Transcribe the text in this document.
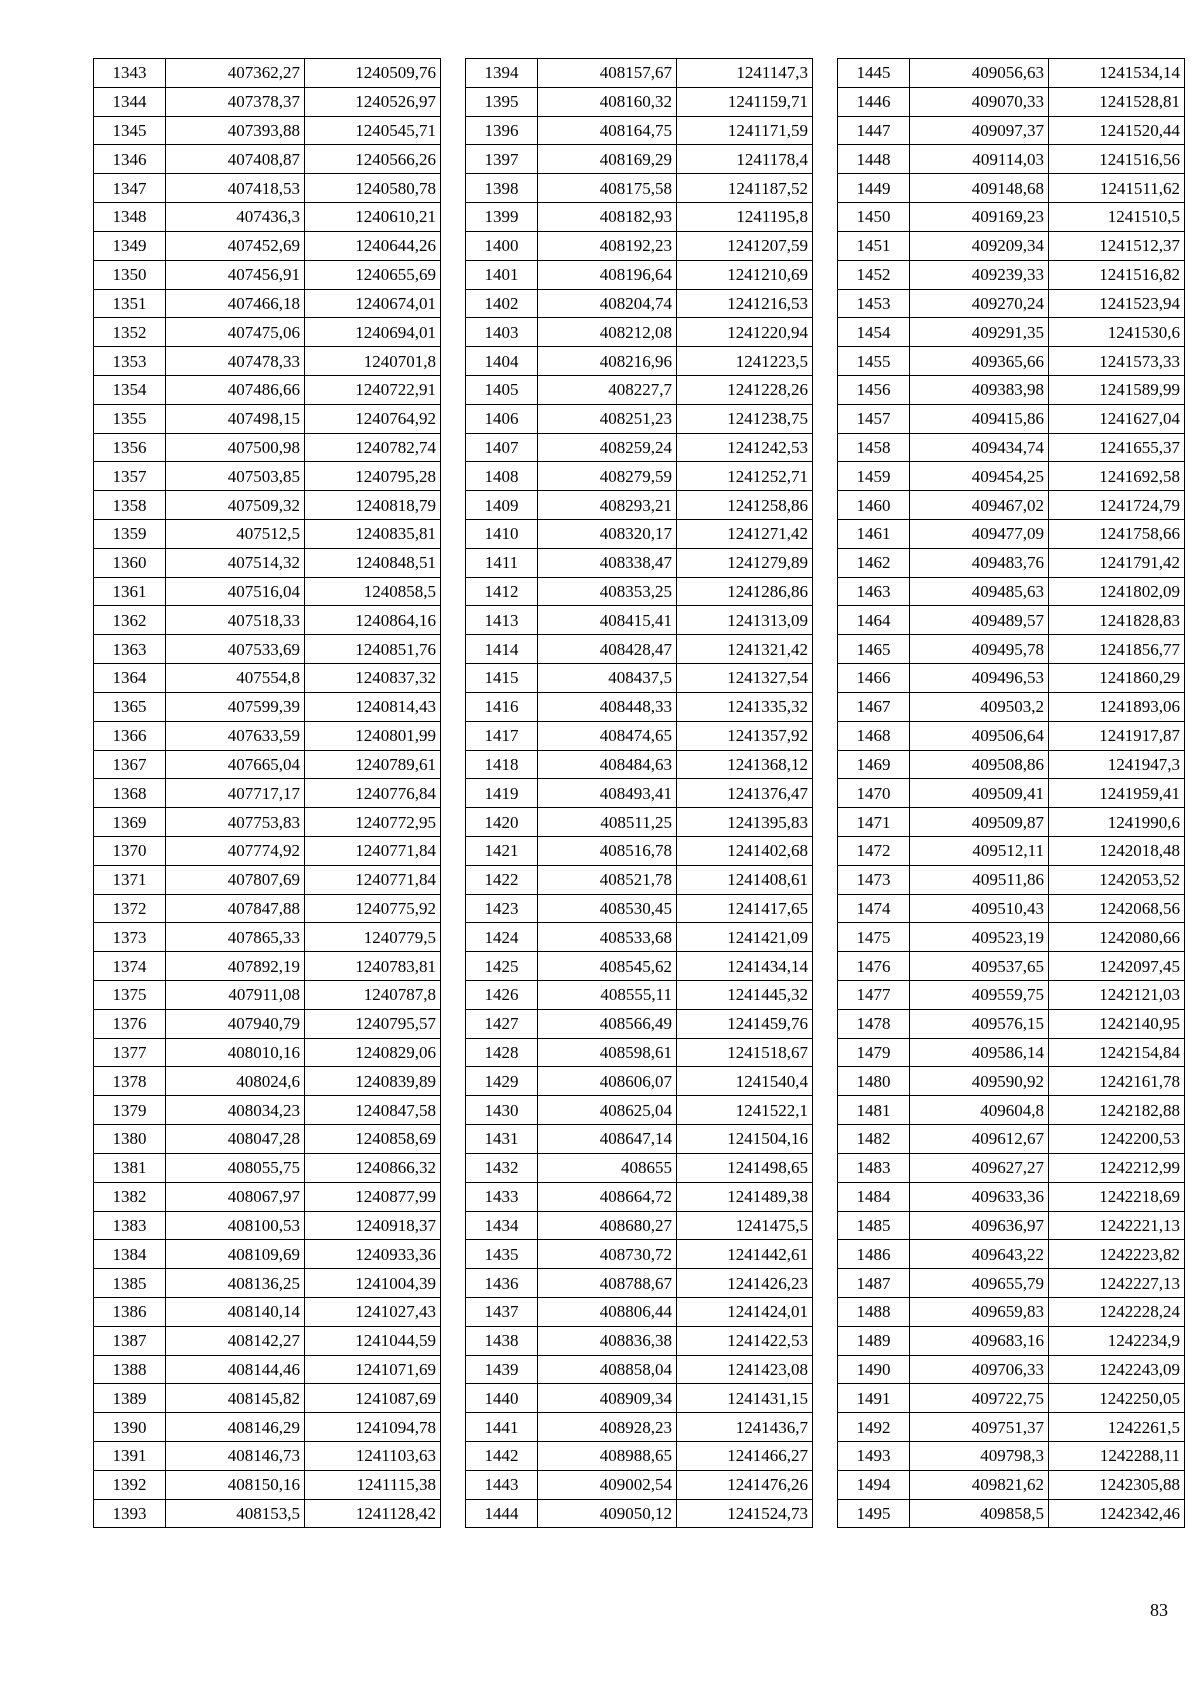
1343	407362,27	1240509,76
1344	407378,37	1240526,97
1345	407393,88	1240545,71
1346	407408,87	1240566,26
1347	407418,53	1240580,78
1348	407436,3	1240610,21
1349	407452,69	1240644,26
1350	407456,91	1240655,69
1351	407466,18	1240674,01
1352	407475,06	1240694,01
1353	407478,33	1240701,8
1354	407486,66	1240722,91
1355	407498,15	1240764,92
1356	407500,98	1240782,74
1357	407503,85	1240795,28
1358	407509,32	1240818,79
1359	407512,5	1240835,81
1360	407514,32	1240848,51
1361	407516,04	1240858,5
1362	407518,33	1240864,16
1363	407533,69	1240851,76
1364	407554,8	1240837,32
1365	407599,39	1240814,43
1366	407633,59	1240801,99
1367	407665,04	1240789,61
1368	407717,17	1240776,84
1369	407753,83	1240772,95
1370	407774,92	1240771,84
1371	407807,69	1240771,84
1372	407847,88	1240775,92
1373	407865,33	1240779,5
1374	407892,19	1240783,81
1375	407911,08	1240787,8
1376	407940,79	1240795,57
1377	408010,16	1240829,06
1378	408024,6	1240839,89
1379	408034,23	1240847,58
1380	408047,28	1240858,69
1381	408055,75	1240866,32
1382	408067,97	1240877,99
1383	408100,53	1240918,37
1384	408109,69	1240933,36
1385	408136,25	1241004,39
1386	408140,14	1241027,43
1387	408142,27	1241044,59
1388	408144,46	1241071,69
1389	408145,82	1241087,69
1390	408146,29	1241094,78
1391	408146,73	1241103,63
1392	408150,16	1241115,38
1393	408153,5	1241128,42
1394	408157,67	1241147,3
1395	408160,32	1241159,71
1396	408164,75	1241171,59
1397	408169,29	1241178,4
1398	408175,58	1241187,52
1399	408182,93	1241195,8
1400	408192,23	1241207,59
1401	408196,64	1241210,69
1402	408204,74	1241216,53
1403	408212,08	1241220,94
1404	408216,96	1241223,5
1405	408227,7	1241228,26
1406	408251,23	1241238,75
1407	408259,24	1241242,53
1408	408279,59	1241252,71
1409	408293,21	1241258,86
1410	408320,17	1241271,42
1411	408338,47	1241279,89
1412	408353,25	1241286,86
1413	408415,41	1241313,09
1414	408428,47	1241321,42
1415	408437,5	1241327,54
1416	408448,33	1241335,32
1417	408474,65	1241357,92
1418	408484,63	1241368,12
1419	408493,41	1241376,47
1420	408511,25	1241395,83
1421	408516,78	1241402,68
1422	408521,78	1241408,61
1423	408530,45	1241417,65
1424	408533,68	1241421,09
1425	408545,62	1241434,14
1426	408555,11	1241445,32
1427	408566,49	1241459,76
1428	408598,61	1241518,67
1429	408606,07	1241540,4
1430	408625,04	1241522,1
1431	408647,14	1241504,16
1432	408655	1241498,65
1433	408664,72	1241489,38
1434	408680,27	1241475,5
1435	408730,72	1241442,61
1436	408788,67	1241426,23
1437	408806,44	1241424,01
1438	408836,38	1241422,53
1439	408858,04	1241423,08
1440	408909,34	1241431,15
1441	408928,23	1241436,7
1442	408988,65	1241466,27
1443	409002,54	1241476,26
1444	409050,12	1241524,73
1445	409056,63	1241534,14
1446	409070,33	1241528,81
1447	409097,37	1241520,44
1448	409114,03	1241516,56
1449	409148,68	1241511,62
1450	409169,23	1241510,5
1451	409209,34	1241512,37
1452	409239,33	1241516,82
1453	409270,24	1241523,94
1454	409291,35	1241530,6
1455	409365,66	1241573,33
1456	409383,98	1241589,99
1457	409415,86	1241627,04
1458	409434,74	1241655,37
1459	409454,25	1241692,58
1460	409467,02	1241724,79
1461	409477,09	1241758,66
1462	409483,76	1241791,42
1463	409485,63	1241802,09
1464	409489,57	1241828,83
1465	409495,78	1241856,77
1466	409496,53	1241860,29
1467	409503,2	1241893,06
1468	409506,64	1241917,87
1469	409508,86	1241947,3
1470	409509,41	1241959,41
1471	409509,87	1241990,6
1472	409512,11	1242018,48
1473	409511,86	1242053,52
1474	409510,43	1242068,56
1475	409523,19	1242080,66
1476	409537,65	1242097,45
1477	409559,75	1242121,03
1478	409576,15	1242140,95
1479	409586,14	1242154,84
1480	409590,92	1242161,78
1481	409604,8	1242182,88
1482	409612,67	1242200,53
1483	409627,27	1242212,99
1484	409633,36	1242218,69
1485	409636,97	1242221,13
1486	409643,22	1242223,82
1487	409655,79	1242227,13
1488	409659,83	1242228,24
1489	409683,16	1242234,9
1490	409706,33	1242243,09
1491	409722,75	1242250,05
1492	409751,37	1242261,5
1493	409798,3	1242288,11
1494	409821,62	1242305,88
1495	409858,5	1242342,46
83
